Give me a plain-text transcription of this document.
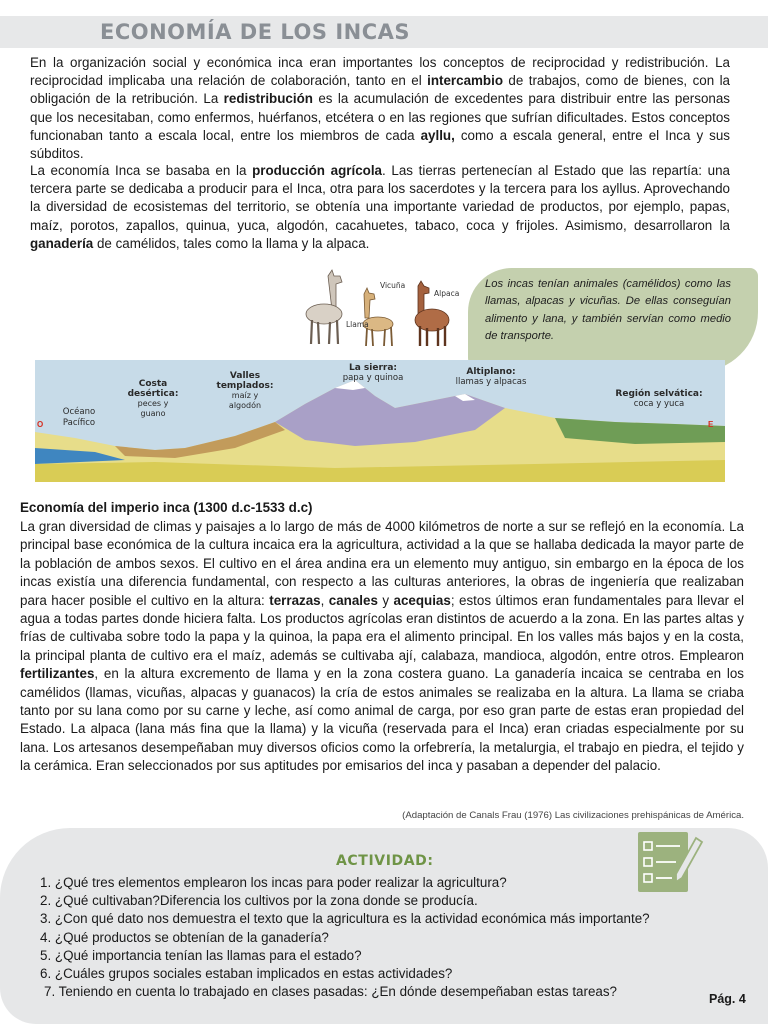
ECONOMÍA DE LOS INCAS

En la organización social y económica inca eran importantes los conceptos de reciprocidad y redistribución. La reciprocidad implicaba una relación de colaboración, tanto en el intercambio de trabajos, como de bienes, con la obligación de la retribución. La redistribución es la acumulación de excedentes para distribuir entre las personas que los necesitaban, como enfermos, huérfanos, etcétera o en las regiones que sufrían dificultades. Estos conceptos funcionaban tanto a escala local, entre los miembros de cada ayllu, como a escala general, entre el Inca y sus súbditos.

La economía Inca se basaba en la producción agrícola. Las tierras pertenecían al Estado que las repartía: una tercera parte se dedicaba a producir para el Inca, otra para los sacerdotes y la tercera para los ayllus. Aprovechando la diversidad de ecosistemas del territorio, se obtenía una importante variedad de productos, por ejemplo, papas, maíz, porotos, zapallos, quinua, yuca, algodón, cacahuetes, tabaco, coca y frijoles. Asimismo, desarrollaron la ganadería de camélidos, tales como la llama y la alpaca.

Vicuña
Alpaca
Llama

Los incas tenían animales (camélidos) como las llamas, alpacas y vicuñas. De ellas conseguían alimento y lana, y también servían como medio de transporte.

O	E
Océano
Pacífico
Costa
desértica:
peces y
guano
Valles
templados:
maíz y
algodón
La sierra:
papa y quinoa
Altiplano:
llamas y alpacas
Región selvática:
coca y yuca
Economía del imperio inca (1300 d.c-1533 d.c)

La gran diversidad de climas y paisajes a lo largo de más de 4000 kilómetros de norte a sur se reflejó en la economía. La principal base económica de la cultura incaica era la agricultura, actividad a la que se hallaba dedicada la mayor parte de la población de ambos sexos. El cultivo en el área andina era un elemento muy antiguo, sin embargo en la época de los incas existía una diferencia fundamental, con respecto a las culturas anteriores, la obras de ingeniería que realizaban para hacer posible el cultivo en la altura: terrazas, canales y acequias; estos últimos eran fundamentales para llevar el agua a todas partes donde hiciera falta. Los productos agrícolas eran distintos de acuerdo a la zona. En las partes altas y frías de cultivaba sobre todo la papa y la quinoa, la papa era el alimento principal. En los valles más bajos y en la costa, la principal planta de cultivo era el maíz, además se cultivaba ají, calabaza, mandioca, algodón, entre otros. Emplearon fertilizantes, en la altura excremento de llama y en la zona costera guano. La ganadería incaica se centraba en los camélidos (llamas, vicuñas, alpacas y guanacos) la cría de estos animales se realizaba en la altura. La llama se criaba tanto por su lana como por su carne y leche, así como animal de carga, por eso gran parte de estas eran propiedad del Estado. La alpaca (lana más fina que la llama) y la vicuña (reservada para el Inca) eran criadas especialmente por su lana. Los artesanos desempeñaban muy diversos oficios como la orfebrería, la metalurgia, el trabajo en piedra, el tejido y la cerámica. Eran seleccionados por sus aptitudes por emisarios del inca y pasaban a depender del palacio.

(Adaptación de Canals Frau (1976) Las civilizaciones prehispánicas de América.

ACTIVIDAD:
1. ¿Qué tres elementos emplearon los incas para poder realizar la agricultura?
2. ¿Qué cultivaban?Diferencia los cultivos por la zona donde se producía.
3. ¿Con qué dato nos demuestra el texto que la agricultura es la actividad económica más importante?
4. ¿Qué productos se obtenían de la ganadería?
5. ¿Qué importancia tenían las llamas para el estado?
6. ¿Cuáles grupos sociales estaban implicados en estas actividades?
7. Teniendo en cuenta lo trabajado en clases pasadas: ¿En dónde desempeñaban estas tareas?	Pág. 4
